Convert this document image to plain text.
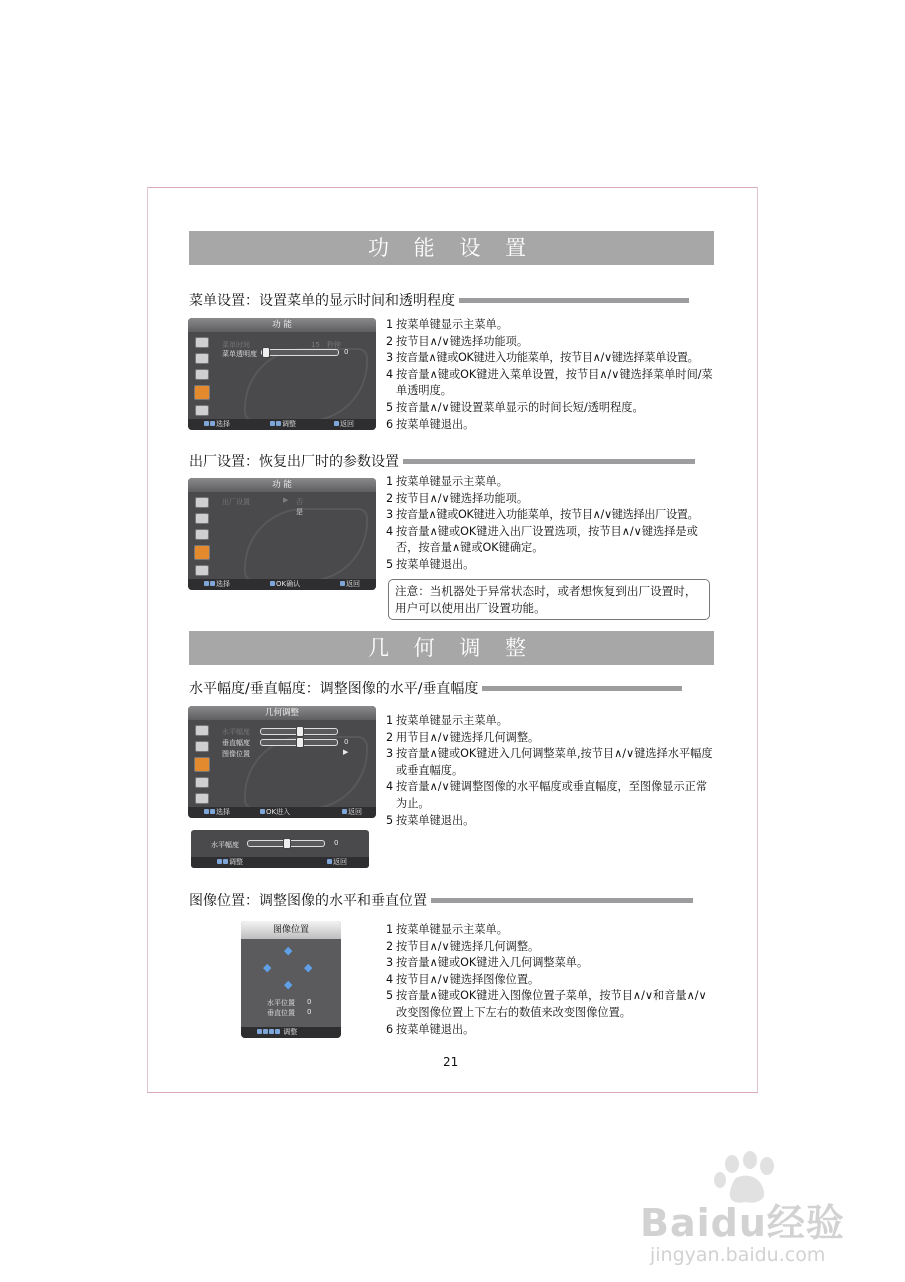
功 能 设 置
菜单设置：设置菜单的显示时间和透明程度
功 能
菜单时间	15　秒钟
菜单透明度	0
选择	调整	返回
1 按菜单键显示主菜单。
2 按节目∧/∨键选择功能项。
3 按音量∧键或OK键进入功能菜单，按节目∧/∨键选择菜单设置。
4 按音量∧键或OK键进入菜单设置，按节目∧/∨键选择菜单时间/菜单透明度。
5 按音量∧/∨键设置菜单显示的时间长短/透明程度。
6 按菜单键退出。
出厂设置：恢复出厂时的参数设置
功 能
出厂设置	▶ 否
是
选择	OK确认	返回
1 按菜单键显示主菜单。
2 按节目∧/∨键选择功能项。
3 按音量∧键或OK键进入功能菜单，按节目∧/∨键选择出厂设置。
4 按音量∧键或OK键进入出厂设置选项，按节目∧/∨键选择是或否，按音量∧键或OK键确定。
5 按菜单键退出。
注意：当机器处于异常状态时，或者想恢复到出厂设置时，用户可以使用出厂设置功能。
几 何 调 整
水平幅度/垂直幅度：调整图像的水平/垂直幅度
几何调整
水平幅度
垂直幅度	0
图像位置	▶
选择	OK进入	返回
水平幅度	0
调整	返回
1 按菜单键显示主菜单。
2 用节目∧/∨键选择几何调整。
3 按音量∧键或OK键进入几何调整菜单,按节目∧/∨键选择水平幅度或垂直幅度。
4 按音量∧/∨键调整图像的水平幅度或垂直幅度，至图像显示正常为止。
5 按菜单键退出。
图像位置：调整图像的水平和垂直位置
图像位置
◆
◆	◆
◆
水平位置 0
垂直位置 0
调整
1 按菜单键显示主菜单。
2 按节目∧/∨键选择几何调整。
3 按音量∧键或OK键进入几何调整菜单。
4 按节目∧/∨键选择图像位置。
5 按音量∧键或OK键进入图像位置子菜单，按节目∧/∨和音量∧/∨改变图像位置上下左右的数值来改变图像位置。
6 按菜单键退出。
21
Baidu经验
jingyan.baidu.com
